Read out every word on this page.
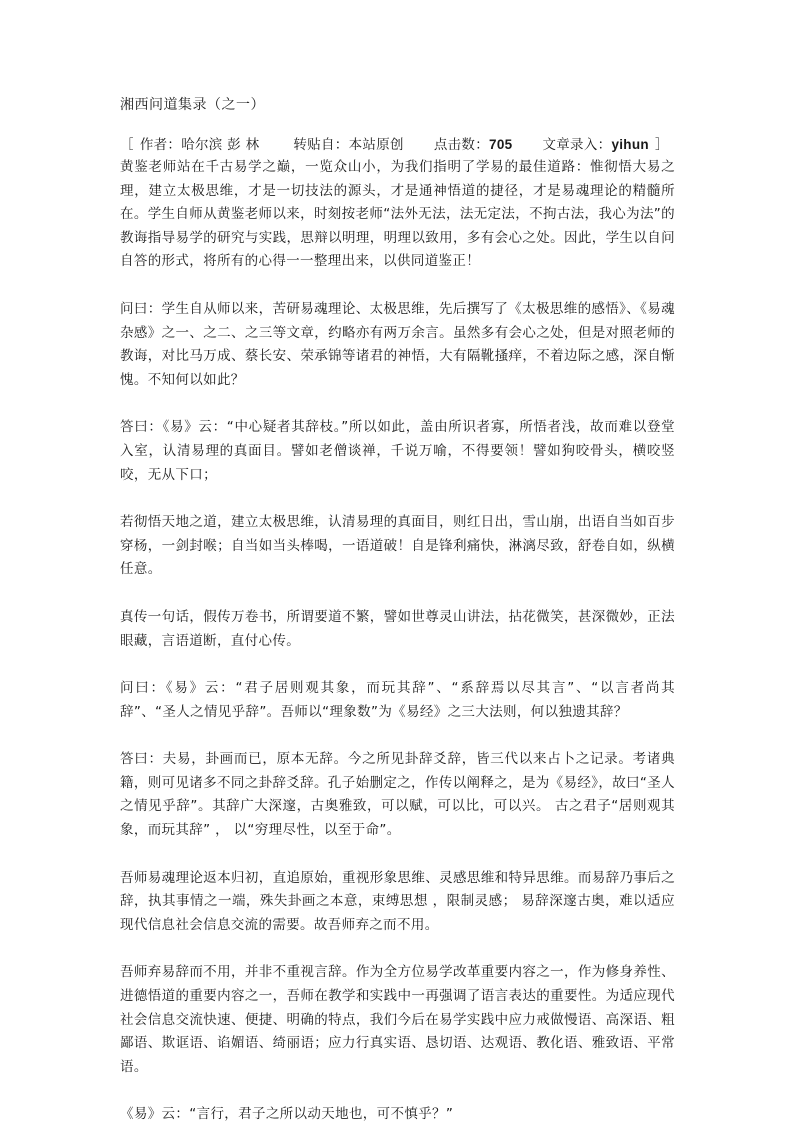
湘西问道集录（之一）

［ 作者：哈尔滨 彭 林	转贴自：本站原创 点击数：705 文章录入：yihun ］

黄鉴老师站在千古易学之巅，一览众山小，为我们指明了学易的最佳道路：惟彻悟大易之理，建立太极思维，才是一切技法的源头，才是通神悟道的捷径，才是易魂理论的精髓所在。学生自师从黄鉴老师以来，时刻按老师“法外无法，法无定法，不拘古法，我心为法”的教诲指导易学的研究与实践，思辩以明理，明理以致用，多有会心之处。因此，学生以自问自答的形式，将所有的心得一一整理出来，以供同道鉴正！

问曰：学生自从师以来，苦研易魂理论、太极思维，先后撰写了《太极思维的感悟》、《易魂杂感》之一、之二、之三等文章，约略亦有两万余言。虽然多有会心之处，但是对照老师的教诲，对比马万成、蔡长安、荣承锦等诸君的神悟，大有隔靴搔痒，不着边际之感，深自惭愧。不知何以如此？

答曰：《易》云：“中心疑者其辞枝。”所以如此，盖由所识者寡，所悟者浅，故而难以登堂入室，认清易理的真面目。譬如老僧谈禅，千说万喻，不得要领！譬如狗咬骨头，横咬竖咬，无从下口；

若彻悟天地之道，建立太极思维，认清易理的真面目，则红日出，雪山崩，出语自当如百步穿杨，一剑封喉；自当如当头棒喝，一语道破！自是锋利痛快，淋漓尽致，舒卷自如，纵横任意。

真传一句话，假传万卷书，所谓要道不繁，譬如世尊灵山讲法，拈花微笑，甚深微妙，正法眼藏，言语道断，直付心传。

问曰：《易》云：“君子居则观其象，而玩其辞”、“系辞焉以尽其言”、“以言者尚其辞”、“圣人之情见乎辞”。吾师以“理象数”为《易经》之三大法则，何以独遗其辞？

答曰：夫易，卦画而已，原本无辞。今之所见卦辞爻辞，皆三代以来占卜之记录。考诸典籍，则可见诸多不同之卦辞爻辞。孔子始删定之，作传以阐释之，是为《易经》，故曰“圣人之情见乎辞”。其辞广大深邃，古奥雅致，可以赋，可以比，可以兴。 古之君子“居则观其象，而玩其辞” ， 以“穷理尽性，以至于命”。

吾师易魂理论返本归初，直追原始，重视形象思维、灵感思维和特异思维。而易辞乃事后之辞，执其事情之一端，殊失卦画之本意，束缚思想 ，限制灵感； 易辞深邃古奥，难以适应现代信息社会信息交流的需要。故吾师弃之而不用。

吾师弃易辞而不用，并非不重视言辞。作为全方位易学改革重要内容之一，作为修身养性、进德悟道的重要内容之一，吾师在教学和实践中一再强调了语言表达的重要性。为适应现代社会信息交流快速、便捷、明确的特点，我们今后在易学实践中应力戒做慢语、高深语、粗鄙语、欺诓语、谄媚语、绮丽语；应力行真实语、恳切语、达观语、教化语、雅致语、平常语。

《易》云：“言行，君子之所以动天地也，可不慎乎？”
